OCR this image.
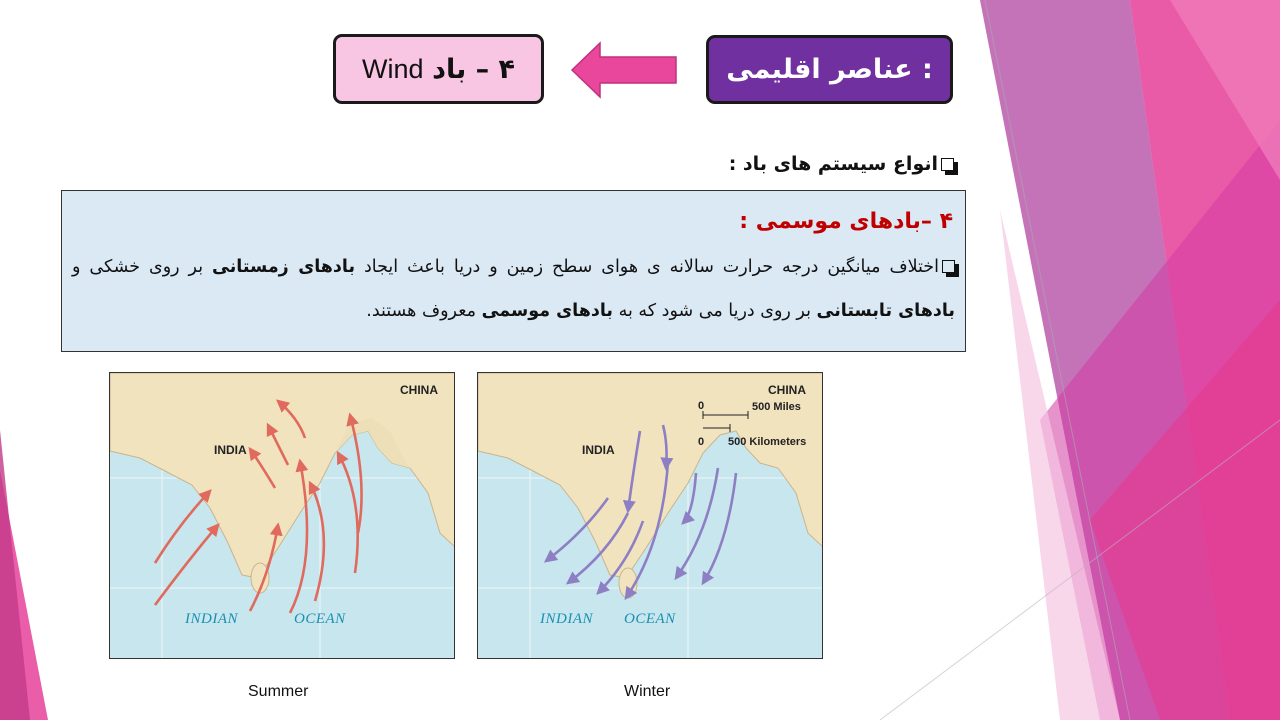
عناصر اقلیمی :
Wind
۴ – باد
انواع سیستم های باد :
۴ –بادهای موسمی :
اختلاف میانگین درجه حرارت سالانه ی هوای سطح زمین و دریا باعث ایجاد بادهای زمستانی بر روی خشکی و بادهای تابستانی بر روی دریا می شود که به بادهای موسمی معروف هستند.
CHINA
INDIA
INDIAN	OCEAN
CHINA
INDIA
0	500 Miles
0 500 Kilometers
INDIAN OCEAN
Summer	Winter
